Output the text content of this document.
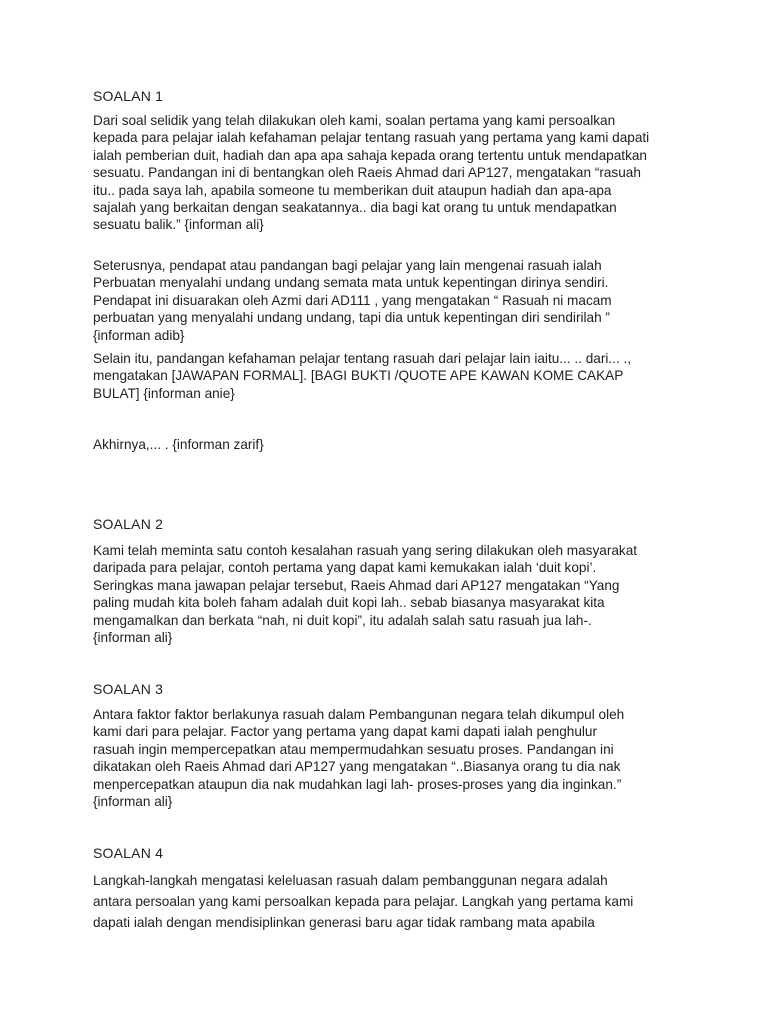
SOALAN 1

Dari soal selidik yang telah dilakukan oleh kami, soalan pertama yang kami persoalkan
kepada para pelajar ialah kefahaman pelajar tentang rasuah yang pertama yang kami dapati
ialah pemberian duit, hadiah dan apa apa sahaja kepada orang tertentu untuk mendapatkan
sesuatu. Pandangan ini di bentangkan oleh Raeis Ahmad dari AP127, mengatakan “rasuah
itu.. pada saya lah, apabila someone tu memberikan duit ataupun hadiah dan apa-apa
sajalah yang berkaitan dengan seakatannya.. dia bagi kat orang tu untuk mendapatkan
sesuatu balik.” {informan ali}
Seterusnya, pendapat atau pandangan bagi pelajar yang lain mengenai rasuah ialah
Perbuatan menyalahi undang undang semata mata untuk kepentingan dirinya sendiri.
Pendapat ini disuarakan oleh Azmi dari AD111 , yang mengatakan “ Rasuah ni macam
perbuatan yang menyalahi undang undang, tapi dia untuk kepentingan diri sendirilah ”
{informan adib}
Selain itu, pandangan kefahaman pelajar tentang rasuah dari pelajar lain iaitu... .. dari... .,
mengatakan [JAWAPAN FORMAL]. [BAGI BUKTI /QUOTE APE KAWAN KOME CAKAP
BULAT] {informan anie}
Akhirnya,... . {informan zarif}

SOALAN 2

Kami telah meminta satu contoh kesalahan rasuah yang sering dilakukan oleh masyarakat
daripada para pelajar, contoh pertama yang dapat kami kemukakan ialah ‘duit kopi’.
Seringkas mana jawapan pelajar tersebut, Raeis Ahmad dari AP127 mengatakan “Yang
paling mudah kita boleh faham adalah duit kopi lah.. sebab biasanya masyarakat kita
mengamalkan dan berkata “nah, ni duit kopi”, itu adalah salah satu rasuah jua lah-.
{informan ali}

SOALAN 3

Antara faktor faktor berlakunya rasuah dalam Pembangunan negara telah dikumpul oleh
kami dari para pelajar. Factor yang pertama yang dapat kami dapati ialah penghulur
rasuah ingin mempercepatkan atau mempermudahkan sesuatu proses. Pandangan ini
dikatakan oleh Raeis Ahmad dari AP127 yang mengatakan “..Biasanya orang tu dia nak
menpercepatkan ataupun dia nak mudahkan lagi lah- proses-proses yang dia inginkan.”
{informan ali}

SOALAN 4

Langkah-langkah mengatasi keleluasan rasuah dalam pembanggunan negara adalah
antara persoalan yang kami persoalkan kepada para pelajar. Langkah yang pertama kami
dapati ialah dengan mendisiplinkan generasi baru agar tidak rambang mata apabila
